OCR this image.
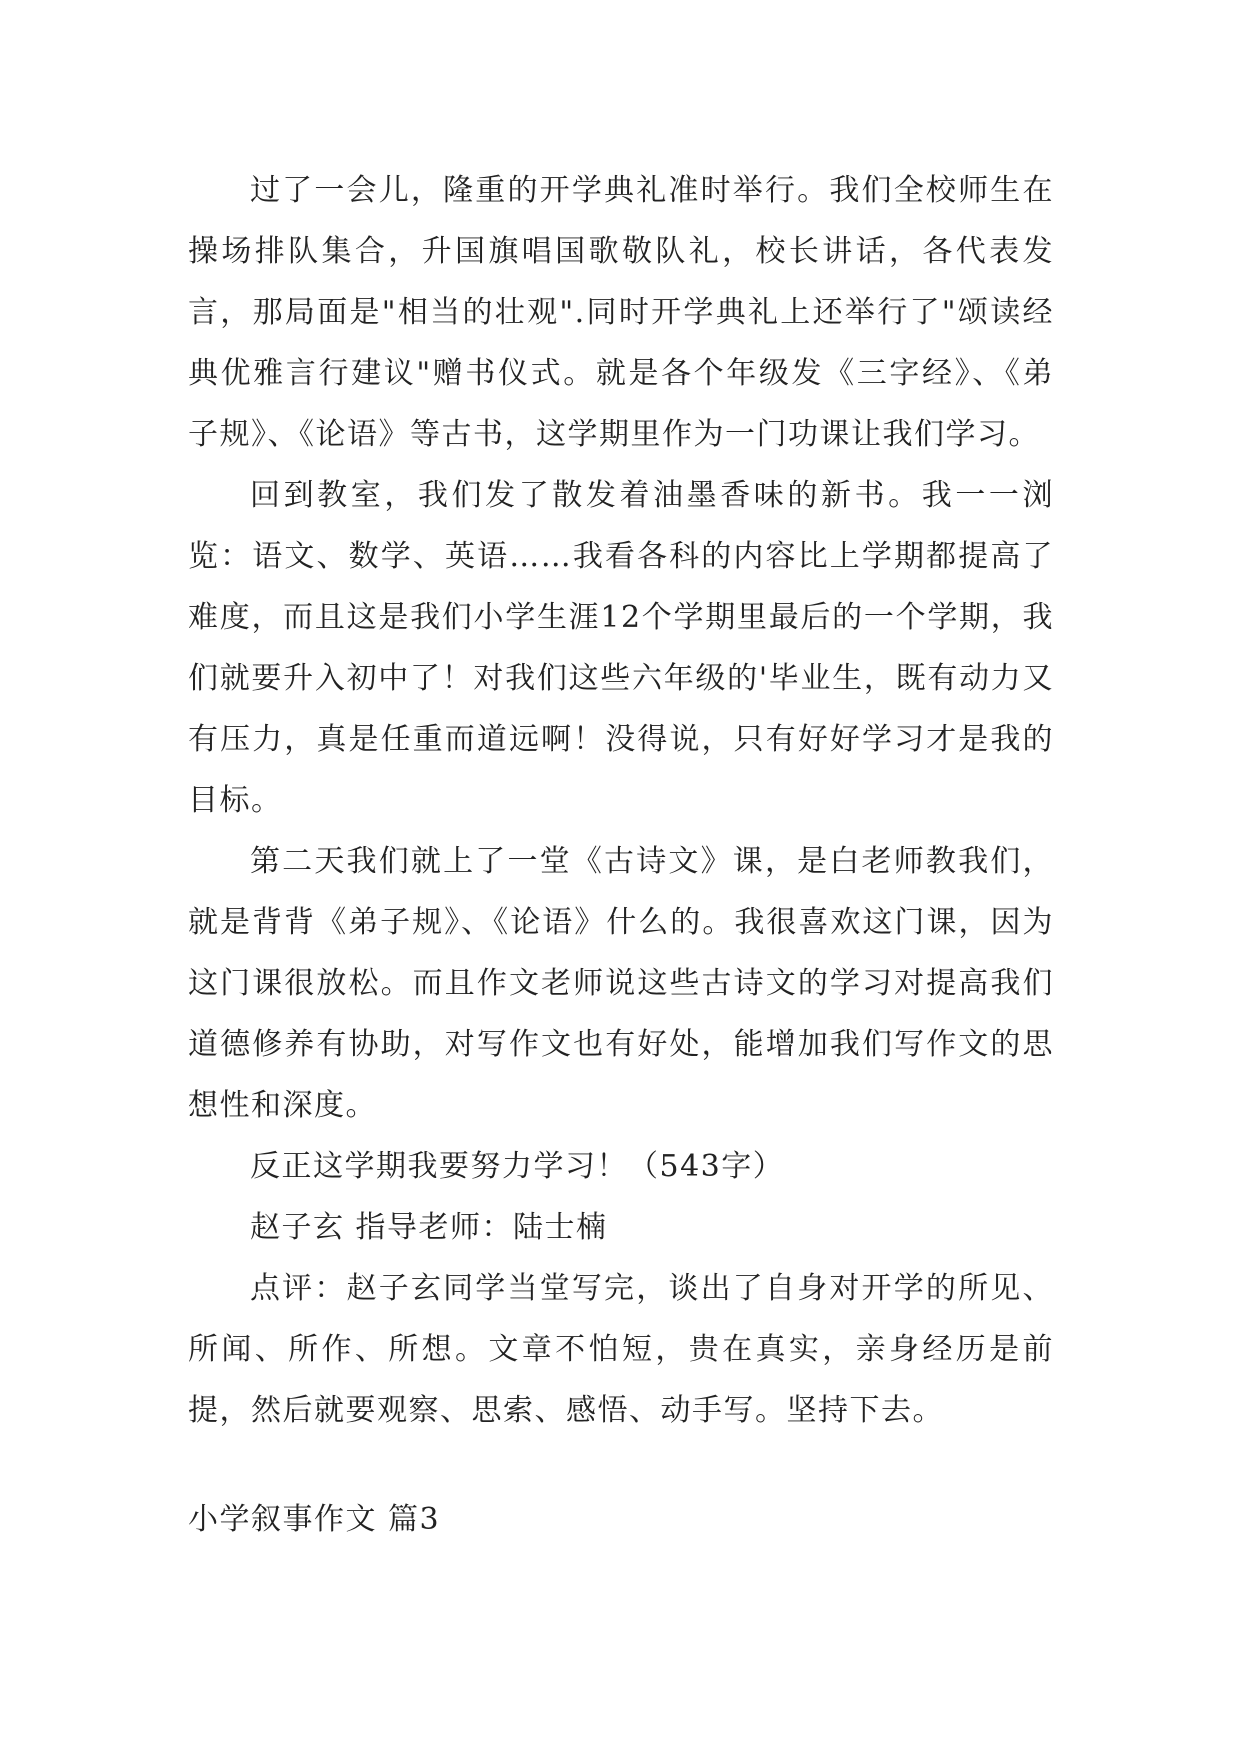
过了一会儿，隆重的开学典礼准时举行。我们全校师生在操场排队集合，升国旗唱国歌敬队礼，校长讲话，各代表发言，那局面是"相当的壮观".同时开学典礼上还举行了"颂读经典优雅言行建议"赠书仪式。就是各个年级发《三字经》、《弟子规》、《论语》等古书，这学期里作为一门功课让我们学习。

回到教室，我们发了散发着油墨香味的新书。我一一浏览：语文、数学、英语……我看各科的内容比上学期都提高了难度，而且这是我们小学生涯12个学期里最后的一个学期，我们就要升入初中了！对我们这些六年级的'毕业生，既有动力又有压力，真是任重而道远啊！没得说，只有好好学习才是我的目标。

第二天我们就上了一堂《古诗文》课，是白老师教我们，就是背背《弟子规》、《论语》什么的。我很喜欢这门课，因为这门课很放松。而且作文老师说这些古诗文的学习对提高我们道德修养有协助，对写作文也有好处，能增加我们写作文的思想性和深度。

反正这学期我要努力学习！（543字）

赵子玄 指导老师：陆士楠

点评：赵子玄同学当堂写完，谈出了自身对开学的所见、所闻、所作、所想。文章不怕短，贵在真实，亲身经历是前提，然后就要观察、思索、感悟、动手写。坚持下去。

小学叙事作文 篇3
